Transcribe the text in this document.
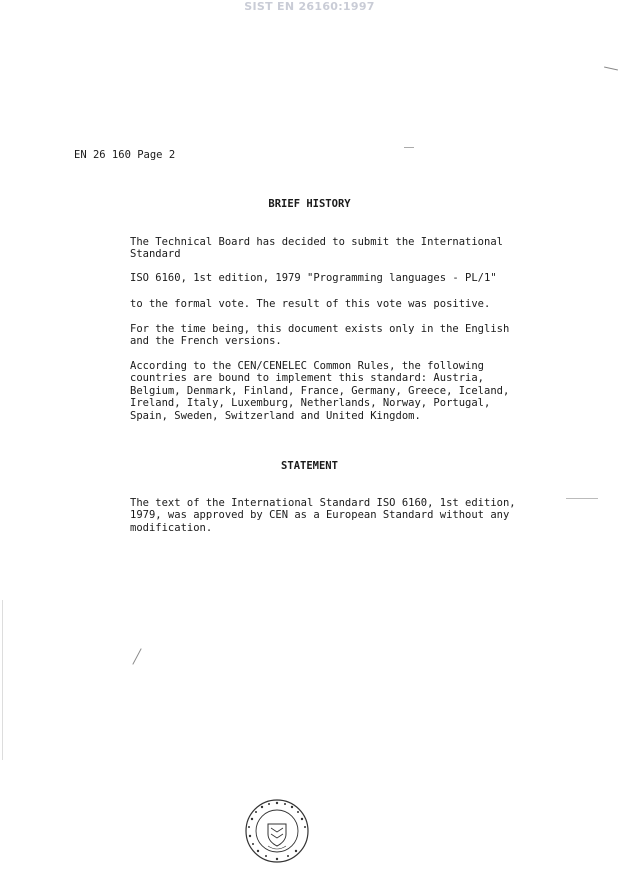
SIST EN 26160:1997
EN 26 160 Page 2
BRIEF HISTORY
The Technical Board has decided to submit the International
Standard
ISO 6160, 1st edition, 1979 "Programming languages - PL/1"
to the formal vote. The result of this vote was positive.
For the time being, this document exists only in the English
and the French versions.
According to the CEN/CENELEC Common Rules, the following
countries are bound to implement this standard: Austria,
Belgium, Denmark, Finland, France, Germany, Greece, Iceland,
Ireland, Italy, Luxemburg, Netherlands, Norway, Portugal,
Spain, Sweden, Switzerland and United Kingdom.
STATEMENT
The text of the International Standard ISO 6160, 1st edition,
1979, was approved by CEN as a European Standard without any
modification.
